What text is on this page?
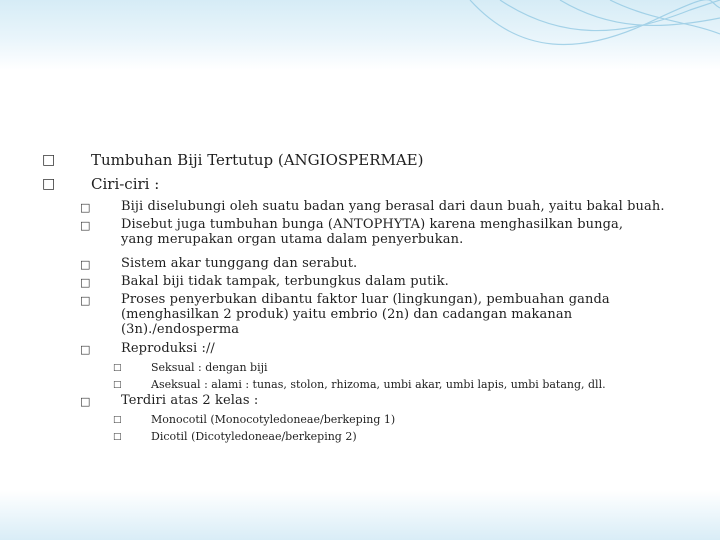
□ Tumbuhan Biji Tertutup (ANGIOSPERMAE)
□ Ciri-ciri :
□ Biji diselubungi oleh suatu badan yang berasal dari daun buah, yaitu bakal buah.
□ Disebut juga tumbuhan bunga (ANTOPHYTA) karena menghasilkan bunga,
yang merupakan organ utama dalam penyerbukan.
□ Sistem akar tunggang dan serabut.
□ Bakal biji tidak tampak, terbungkus dalam putik.
□ Proses penyerbukan dibantu faktor luar (lingkungan), pembuahan ganda
(menghasilkan 2 produk) yaitu embrio (2n) dan cadangan makanan
(3n)./endosperma
□ Reproduksi ://
□	Seksual : dengan biji
□	Aseksual : alami : tunas, stolon, rhizoma, umbi akar, umbi lapis, umbi batang, dll.
□ Terdiri atas 2 kelas :
□	Monocotil (Monocotyledoneae/berkeping 1)
□	Dicotil (Dicotyledoneae/berkeping 2)
